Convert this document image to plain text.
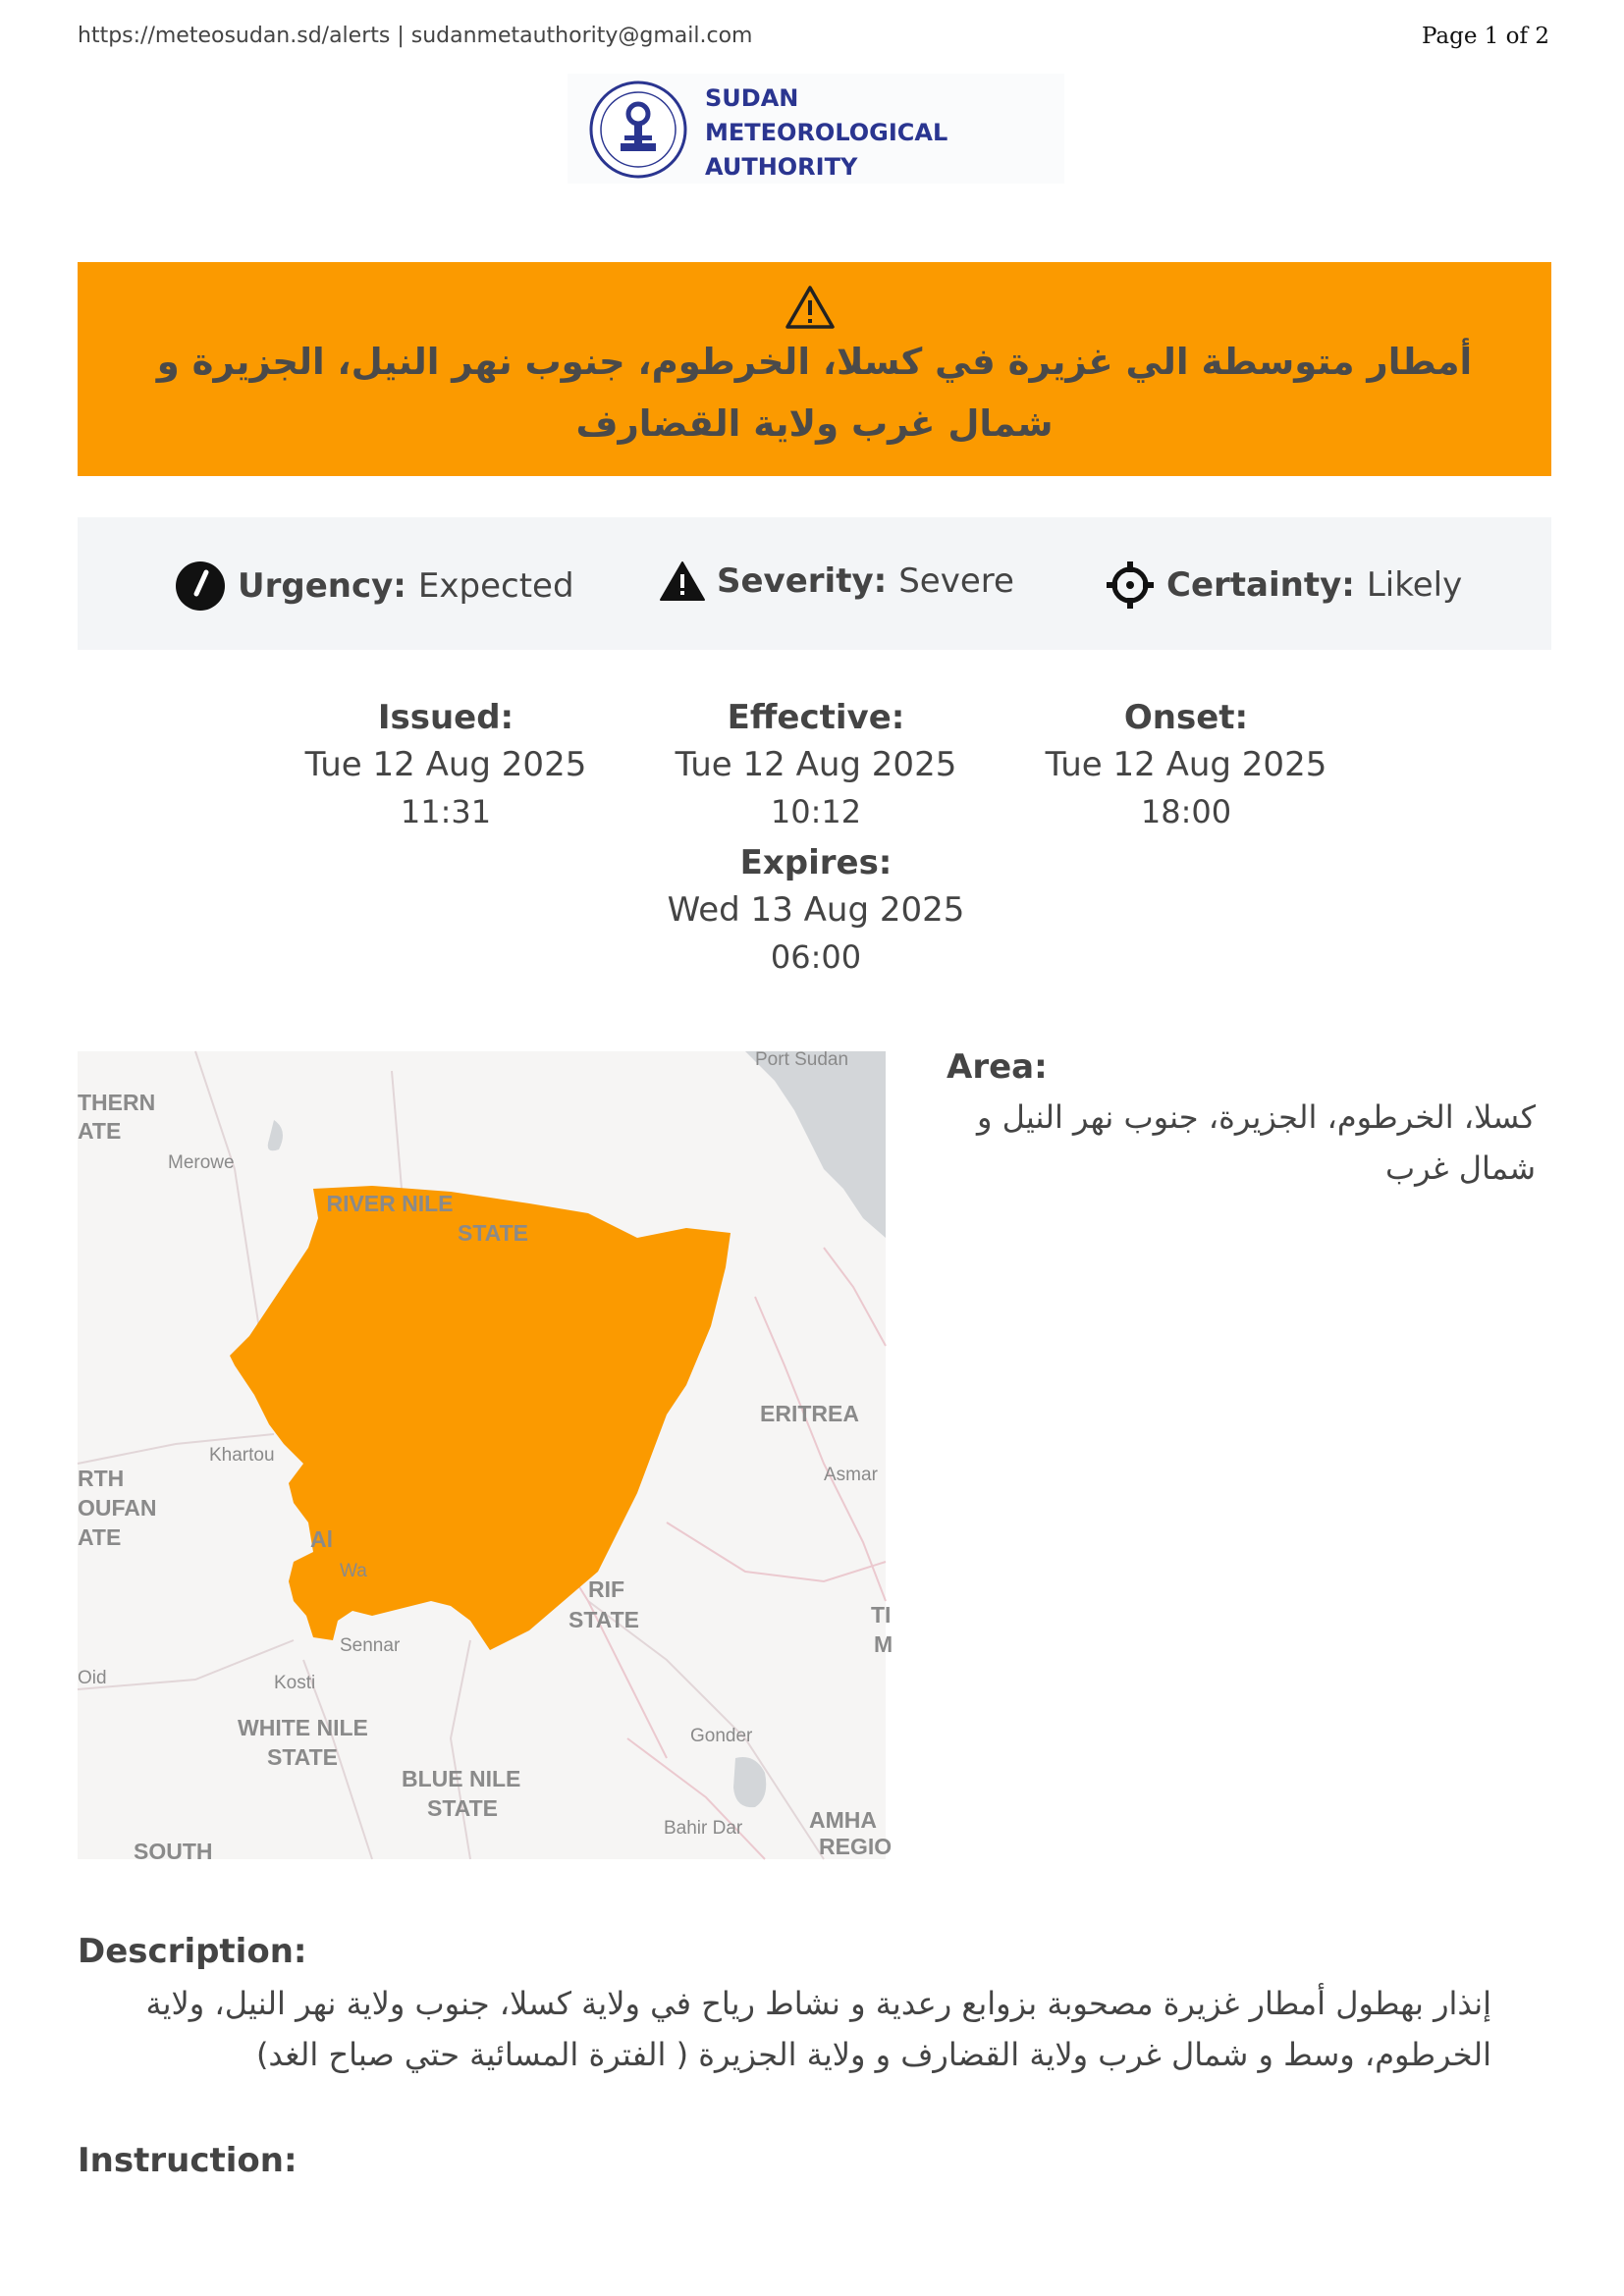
https://meteosudan.sd/alerts | sudanmetauthority@gmail.com	Page 1 of 2
SUDAN
METEOROLOGICAL
AUTHORITY
أمطار متوسطة الي غزيرة في كسلا، الخرطوم، جنوب نهر النيل، الجزيرة و شمال غرب ولاية القضارف
Urgency: Expected	Severity: Severe	Certainty: Likely
Issued:
Tue 12 Aug 2025
11:31
Effective:
Tue 12 Aug 2025
10:12
Onset:
Tue 12 Aug 2025
18:00
Expires:
Wed 13 Aug 2025
06:00
Port Sudan
Merowe
Khartou
Asmar
Wa
Sennar
Kosti
Oid
Gonder
Bahir Dar
THERN
ATE
RIVER NILE
STATE
ERITREA
RTH
OUFAN
ATE	Al
RIF
STATE	TI
M
WHITE NILE
STATE
BLUE NILE
STATE	AMHA
REGIO
SOUTH
Area:
كسلا، الخرطوم، الجزيرة، جنوب نهر النيل و شمال غرب
Description:
إنذار بهطول أمطار غزيرة مصحوبة بزوابع رعدية و نشاط رياح في ولاية كسلا، جنوب ولاية نهر النيل، ولاية الخرطوم، وسط و شمال غرب ولاية القضارف و ولاية الجزيرة ( الفترة المسائية حتي صباح الغد)
Instruction:
